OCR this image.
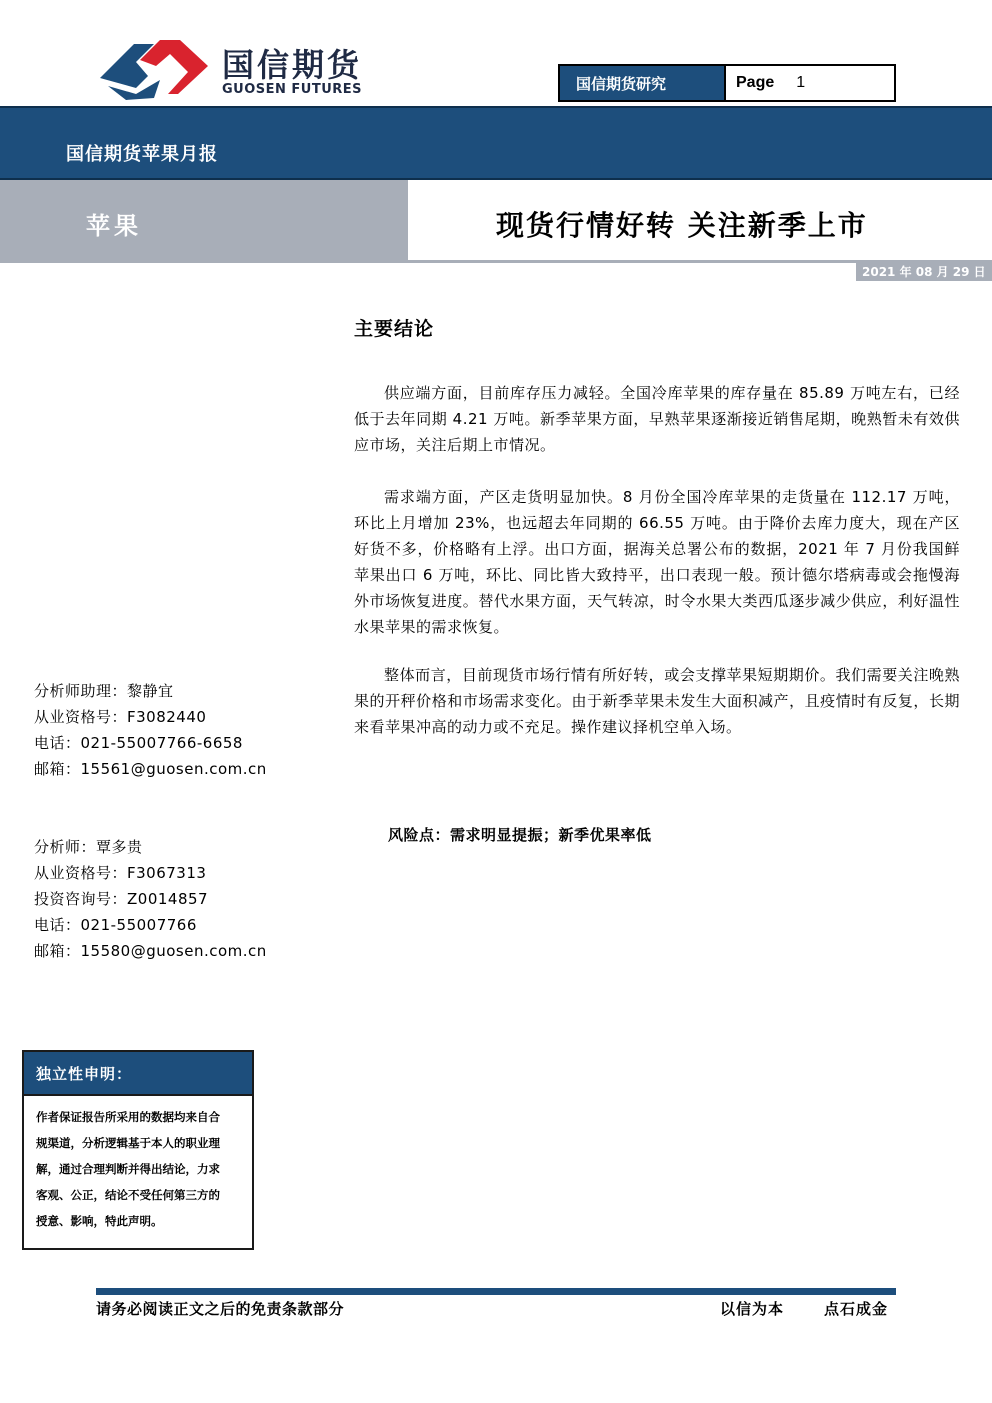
国信期货
GUOSEN FUTURES	国信期货研究	Page 1
国信期货苹果月报
苹果	现货行情好转 关注新季上市
2021 年 08 月 29 日
主要结论
供应端方面，目前库存压力减轻。全国冷库苹果的库存量在 85.89 万吨左右，已经低于去年同期 4.21 万吨。新季苹果方面，早熟苹果逐渐接近销售尾期，晚熟暂未有效供应市场，关注后期上市情况。
需求端方面，产区走货明显加快。8 月份全国冷库苹果的走货量在 112.17 万吨，环比上月增加 23%，也远超去年同期的 66.55 万吨。由于降价去库力度大，现在产区好货不多，价格略有上浮。出口方面，据海关总署公布的数据，2021 年 7 月份我国鲜苹果出口 6 万吨，环比、同比皆大致持平，出口表现一般。预计德尔塔病毒或会拖慢海外市场恢复进度。替代水果方面，天气转凉，时令水果大类西瓜逐步减少供应，利好温性水果苹果的需求恢复。
整体而言，目前现货市场行情有所好转，或会支撑苹果短期期价。我们需要关注晚熟果的开秤价格和市场需求变化。由于新季苹果未发生大面积减产，且疫情时有反复，长期来看苹果冲高的动力或不充足。操作建议择机空单入场。
风险点：需求明显提振；新季优果率低
分析师助理：黎静宜
从业资格号：F3082440
电话：021-55007766-6658
邮箱：15561@guosen.com.cn
分析师：覃多贵
从业资格号：F3067313
投资咨询号：Z0014857
电话：021-55007766
邮箱：15580@guosen.com.cn
独立性申明：
作者保证报告所采用的数据均来自合
规渠道，分析逻辑基于本人的职业理
解，通过合理判断并得出结论，力求
客观、公正，结论不受任何第三方的
授意、影响，特此声明。
请务必阅读正文之后的免责条款部分	以信为本	点石成金
